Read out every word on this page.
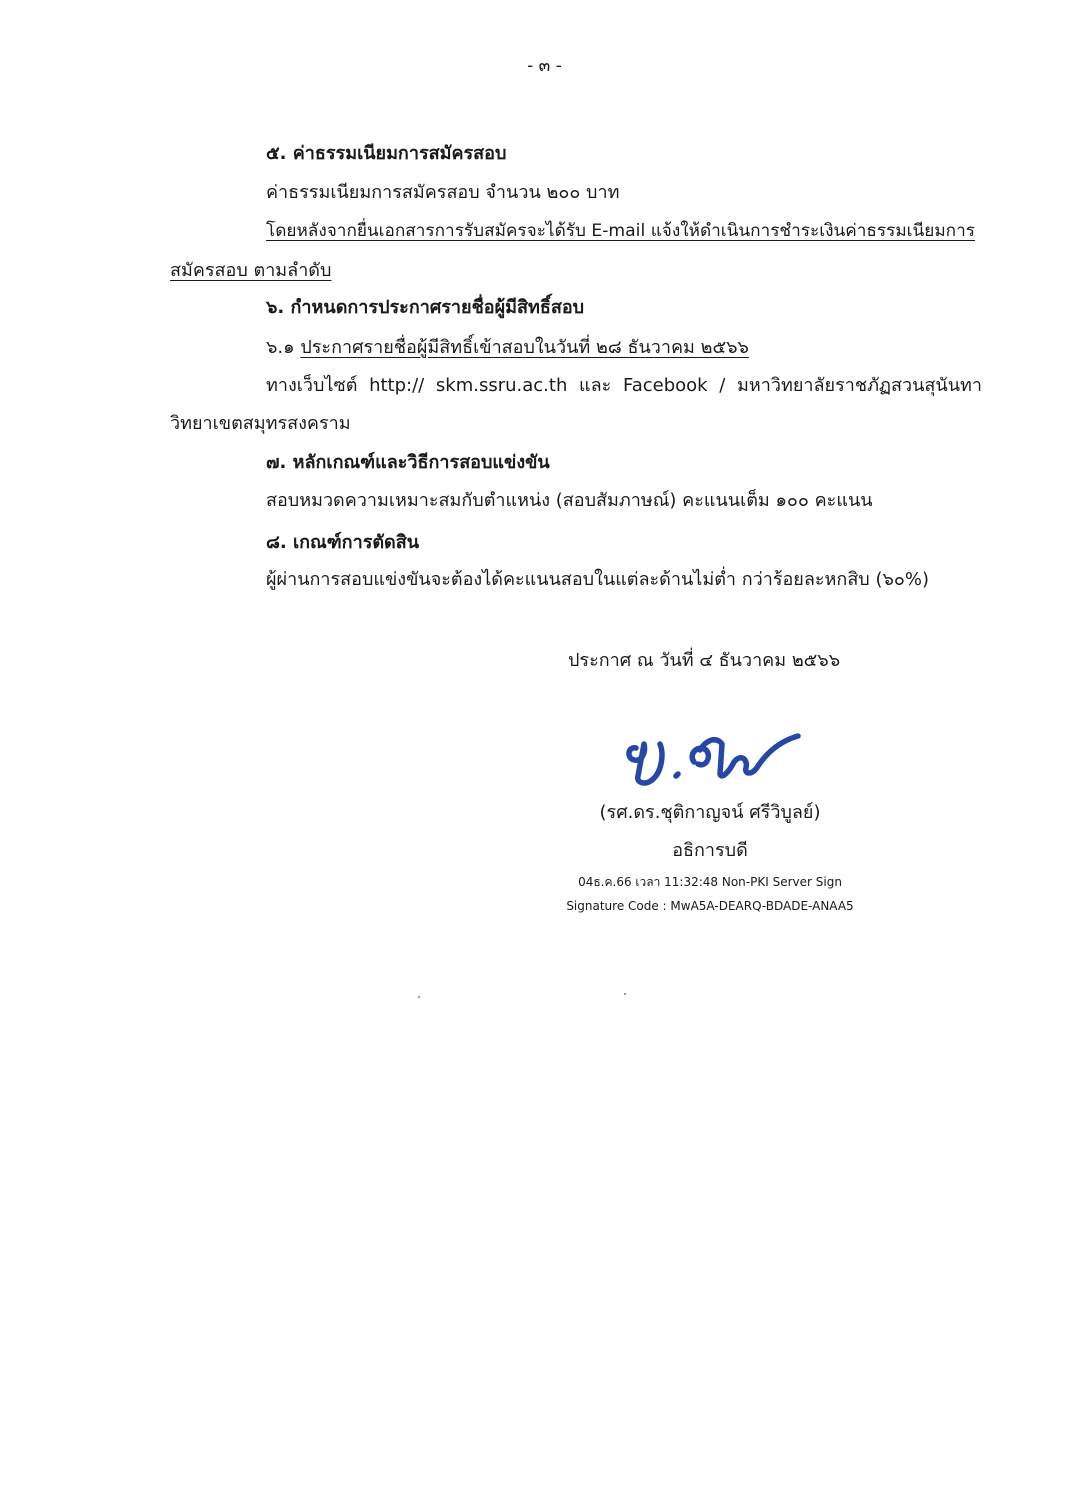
- ๓ -
๕. ค่าธรรมเนียมการสมัครสอบ
ค่าธรรมเนียมการสมัครสอบ จำนวน ๒๐๐ บาท
โดยหลังจากยื่นเอกสารการรับสมัครจะได้รับ E-mail แจ้งให้ดำเนินการชำระเงินค่าธรรมเนียมการ
สมัครสอบ ตามลำดับ
๖. กำหนดการประกาศรายชื่อผู้มีสิทธิ์สอบ
๖.๑ ประกาศรายชื่อผู้มีสิทธิ์เข้าสอบในวันที่ ๒๘ ธันวาคม ๒๕๖๖
ทางเว็บไซต์ http:// skm.ssru.ac.th และ Facebook / มหาวิทยาลัยราชภัฏสวนสุนันทา
วิทยาเขตสมุทรสงคราม
๗. หลักเกณฑ์และวิธีการสอบแข่งขัน
สอบหมวดความเหมาะสมกับตำแหน่ง (สอบสัมภาษณ์) คะแนนเต็ม ๑๐๐ คะแนน
๘. เกณฑ์การตัดสิน
ผู้ผ่านการสอบแข่งขันจะต้องได้คะแนนสอบในแต่ละด้านไม่ต่ำ กว่าร้อยละหกสิบ (๖๐%)
ประกาศ ณ วันที่ ๔ ธันวาคม ๒๕๖๖
(รศ.ดร.ชุติกาญจน์ ศรีวิบูลย์)
อธิการบดี
04ธ.ค.66 เวลา 11:32:48 Non-PKI Server Sign
Signature Code : MwA5A-DEARQ-BDADE-ANAA5
